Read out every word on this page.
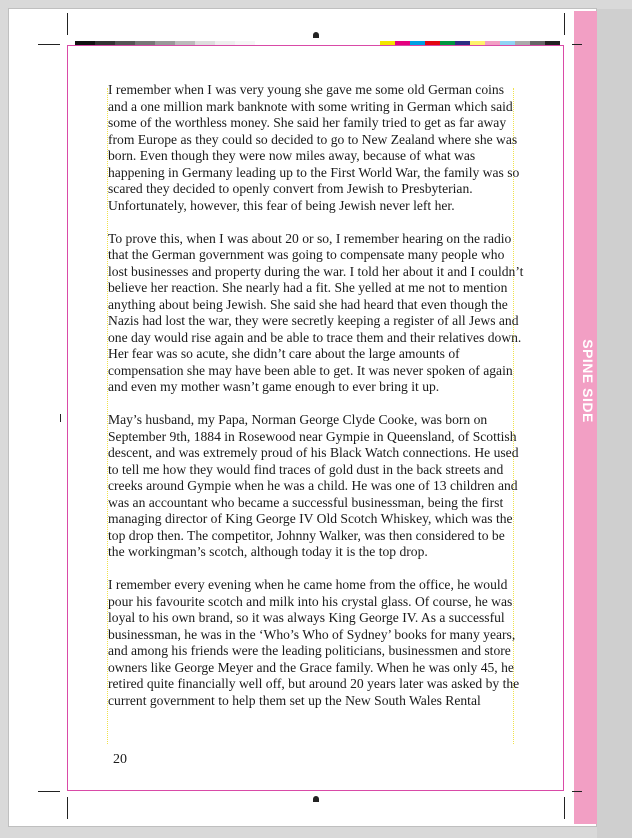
SPINE SIDE

I remember when I was very young she gave me some old German coins and a one million mark banknote with some writing in German which said some of the worthless money. She said her family tried to get as far away from Europe as they could so decided to go to New Zealand where she was born. Even though they were now miles away, because of what was happening in Germany leading up to the First World War, the family was so scared they decided to openly convert from Jewish to Presbyterian. Unfortunately, however, this fear of being Jewish never left her.

To prove this, when I was about 20 or so, I remember hearing on the radio that the German government was going to compensate many people who lost businesses and property during the war. I told her about it and I couldn’t believe her reaction. She nearly had a fit. She yelled at me not to mention anything about being Jewish. She said she had heard that even though the Nazis had lost the war, they were secretly keeping a register of all Jews and one day would rise again and be able to trace them and their relatives down. Her fear was so acute, she didn’t care about the large amounts of compensation she may have been able to get. It was never spoken of again and even my mother wasn’t game enough to ever bring it up.

May’s husband, my Papa, Norman George Clyde Cooke, was born on September 9th, 1884 in Rosewood near Gympie in Queensland, of Scottish descent, and was extremely proud of his Black Watch connections. He used to tell me how they would find traces of gold dust in the back streets and creeks around Gympie when he was a child. He was one of 13 children and was an accountant who became a successful businessman, being the first managing director of King George IV Old Scotch Whiskey, which was the top drop then. The competitor, Johnny Walker, was then considered to be the workingman’s scotch, although today it is the top drop.

I remember every evening when he came home from the office, he would pour his favourite scotch and milk into his crystal glass. Of course, he was loyal to his own brand, so it was always King George IV. As a successful businessman, he was in the ‘Who’s Who of Sydney’ books for many years, and among his friends were the leading politicians, businessmen and store owners like George Meyer and the Grace family. When he was only 45, he retired quite financially well off, but around 20 years later was asked by the current government to help them set up the New South Wales Rental

20
